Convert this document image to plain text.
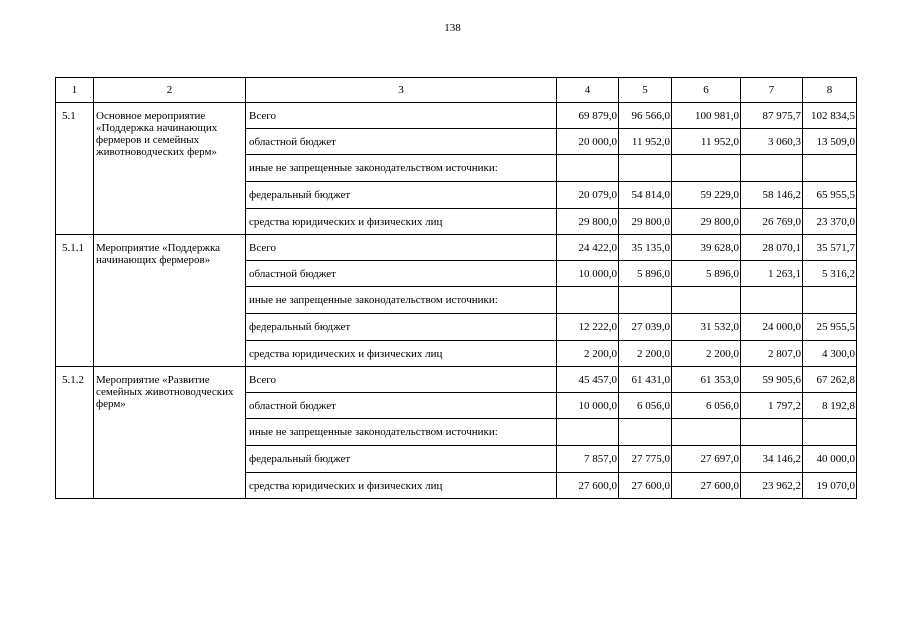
138
1	2	3	4	5	6	7	8
5.1	Основное мероприятие «Поддержка начинающих фермеров и семейных животноводческих ферм»	Всего	69 879,0	96 566,0	100 981,0	87 975,7	102 834,5
		областной бюджет	20 000,0	11 952,0	11 952,0	3 060,3	13 509,0
		иные не запрещенные законодательством источники:					
		федеральный бюджет	20 079,0	54 814,0	59 229,0	58 146,2	65 955,5
		средства юридических и физических лиц	29 800,0	29 800,0	29 800,0	26 769,0	23 370,0
5.1.1	Мероприятие «Поддержка начинающих фермеров»	Всего	24 422,0	35 135,0	39 628,0	28 070,1	35 571,7
		областной бюджет	10 000,0	5 896,0	5 896,0	1 263,1	5 316,2
		иные не запрещенные законодательством источники:					
		федеральный бюджет	12 222,0	27 039,0	31 532,0	24 000,0	25 955,5
		средства юридических и физических лиц	2 200,0	2 200,0	2 200,0	2 807,0	4 300,0
5.1.2	Мероприятие «Развитие семейных животноводческих ферм»	Всего	45 457,0	61 431,0	61 353,0	59 905,6	67 262,8
		областной бюджет	10 000,0	6 056,0	6 056,0	1 797,2	8 192,8
		иные не запрещенные законодательством источники:					
		федеральный бюджет	7 857,0	27 775,0	27 697,0	34 146,2	40 000,0
		средства юридических и физических лиц	27 600,0	27 600,0	27 600,0	23 962,2	19 070,0
